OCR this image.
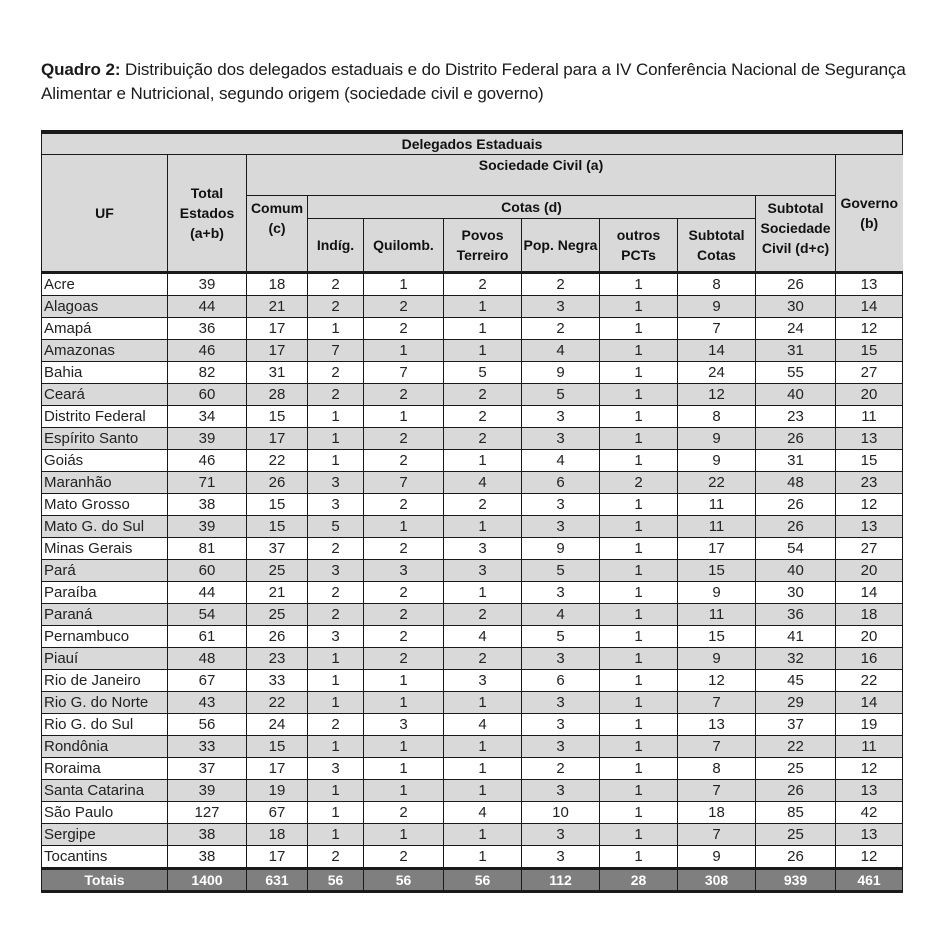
Quadro 2: Distribuição dos delegados estaduais e do Distrito Federal para a IV Conferência Nacional de Segurança Alimentar e Nutricional, segundo origem (sociedade civil e governo)
Delegados Estaduais										
UF	Total Estados (a+b)	Sociedade Civil (a)								Governo (b)
		Comum (c)	Cotas (d)						Subtotal Sociedade Civil (d+c)	
			Indíg.	Quilomb.	Povos Terreiro	Pop. Negra	outros PCTs	Subtotal Cotas		
Acre	39	18	2	1	2	2	1	8	26	13
Alagoas	44	21	2	2	1	3	1	9	30	14
Amapá	36	17	1	2	1	2	1	7	24	12
Amazonas	46	17	7	1	1	4	1	14	31	15
Bahia	82	31	2	7	5	9	1	24	55	27
Ceará	60	28	2	2	2	5	1	12	40	20
Distrito Federal	34	15	1	1	2	3	1	8	23	11
Espírito Santo	39	17	1	2	2	3	1	9	26	13
Goiás	46	22	1	2	1	4	1	9	31	15
Maranhão	71	26	3	7	4	6	2	22	48	23
Mato Grosso	38	15	3	2	2	3	1	11	26	12
Mato G. do Sul	39	15	5	1	1	3	1	11	26	13
Minas Gerais	81	37	2	2	3	9	1	17	54	27
Pará	60	25	3	3	3	5	1	15	40	20
Paraíba	44	21	2	2	1	3	1	9	30	14
Paraná	54	25	2	2	2	4	1	11	36	18
Pernambuco	61	26	3	2	4	5	1	15	41	20
Piauí	48	23	1	2	2	3	1	9	32	16
Rio de Janeiro	67	33	1	1	3	6	1	12	45	22
Rio G. do Norte	43	22	1	1	1	3	1	7	29	14
Rio G. do Sul	56	24	2	3	4	3	1	13	37	19
Rondônia	33	15	1	1	1	3	1	7	22	11
Roraima	37	17	3	1	1	2	1	8	25	12
Santa Catarina	39	19	1	1	1	3	1	7	26	13
São Paulo	127	67	1	2	4	10	1	18	85	42
Sergipe	38	18	1	1	1	3	1	7	25	13
Tocantins	38	17	2	2	1	3	1	9	26	12
Totais	1400	631	56	56	56	112	28	308	939	461
